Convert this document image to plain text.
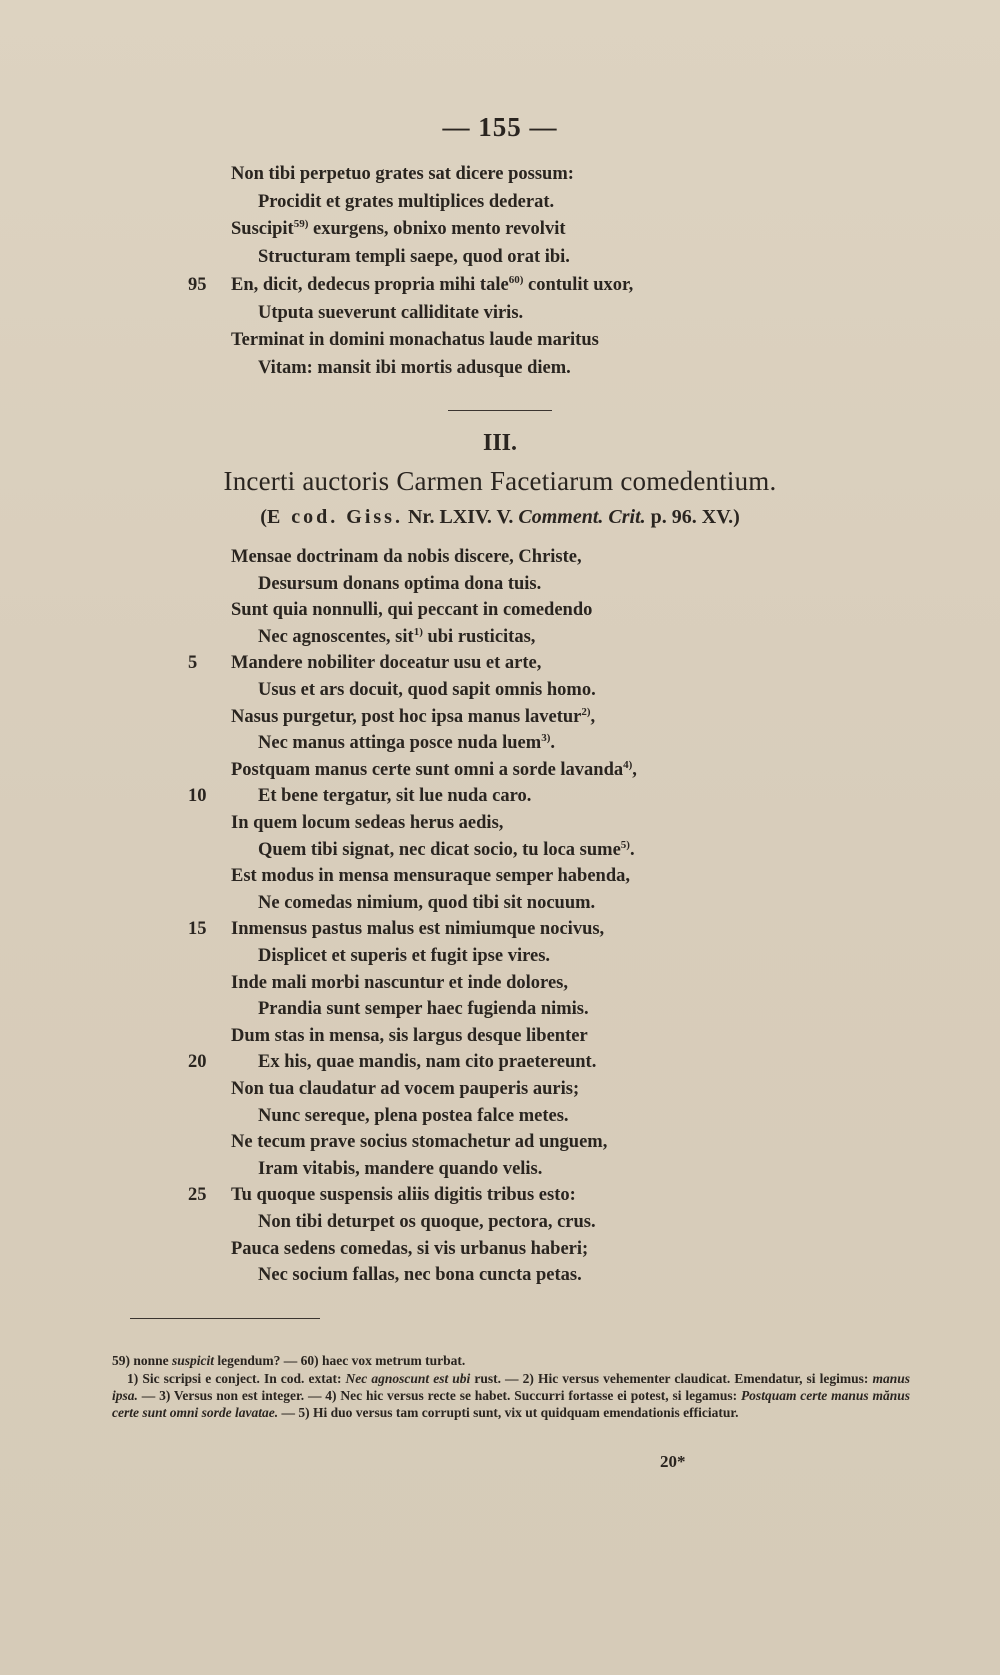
— 155 —
Non tibi perpetuo grates sat dicere possum:
Procidit et grates multiplices dederat.
Suscipit$^{59)}$ exurgens, obnixo mento revolvit
Structuram templi saepe, quod orat ibi.
95 En, dicit, dedecus propria mihi tale$^{60)}$ contulit uxor,
Utputa sueverunt calliditate viris.
Terminat in domini monachatus laude maritus
Vitam: mansit ibi mortis adusque diem.
III.
Incerti auctoris Carmen Facetiarum comedentium.
(E cod. Giss. Nr. LXIV. V. Comment. Crit. p. 96. XV.)
Mensae doctrinam da nobis discere, Christe,
Desursum donans optima dona tuis.
Sunt quia nonnulli, qui peccant in comedendo
Nec agnoscentes, sit$^{1)}$ ubi rusticitas,
5 Mandere nobiliter doceatur usu et arte,
Usus et ars docuit, quod sapit omnis homo.
Nasus purgetur, post hoc ipsa manus lavetur$^{2)}$,
Nec manus attinga posce nuda luem$^{3)}$.
Postquam manus certe sunt omni a sorde lavanda$^{4)}$,
10	Et bene tergatur, sit lue nuda caro.
In quem locum sedeas herus aedis,
Quem tibi signat, nec dicat socio, tu loca sume$^{5)}$.
Est modus in mensa mensuraque semper habenda,
Ne comedas nimium, quod tibi sit nocuum.
15 Inmensus pastus malus est nimiumque nocivus,
Displicet et superis et fugit ipse vires.
Inde mali morbi nascuntur et inde dolores,
Prandia sunt semper haec fugienda nimis.
Dum stas in mensa, sis largus desque libenter
20	Ex his, quae mandis, nam cito praetereunt.
Non tua claudatur ad vocem pauperis auris;
Nunc sereque, plena postea falce metes.
Ne tecum prave socius stomachetur ad unguem,
Iram vitabis, mandere quando velis.
25 Tu quoque suspensis aliis digitis tribus esto:
Non tibi deturpet os quoque, pectora, crus.
Pauca sedens comedas, si vis urbanus haberi;
Nec socium fallas, nec bona cuncta petas.
59) nonne suspicit legendum? — 60) haec vox metrum turbat.
1) Sic scripsi e conject. In cod. extat: Nec agnoscunt est ubi rust. — 2) Hic versus vehementer claudicat. Emendatur, si legimus: manus ipsa. — 3) Versus non est integer. — 4) Nec hic versus recte se habet. Succurri fortasse ei potest, si legamus: Postquam certe manus mănus certe sunt omni sorde lavatae. — 5) Hi duo versus tam corrupti sunt, vix ut quidquam emendationis efficiatur.
20*
